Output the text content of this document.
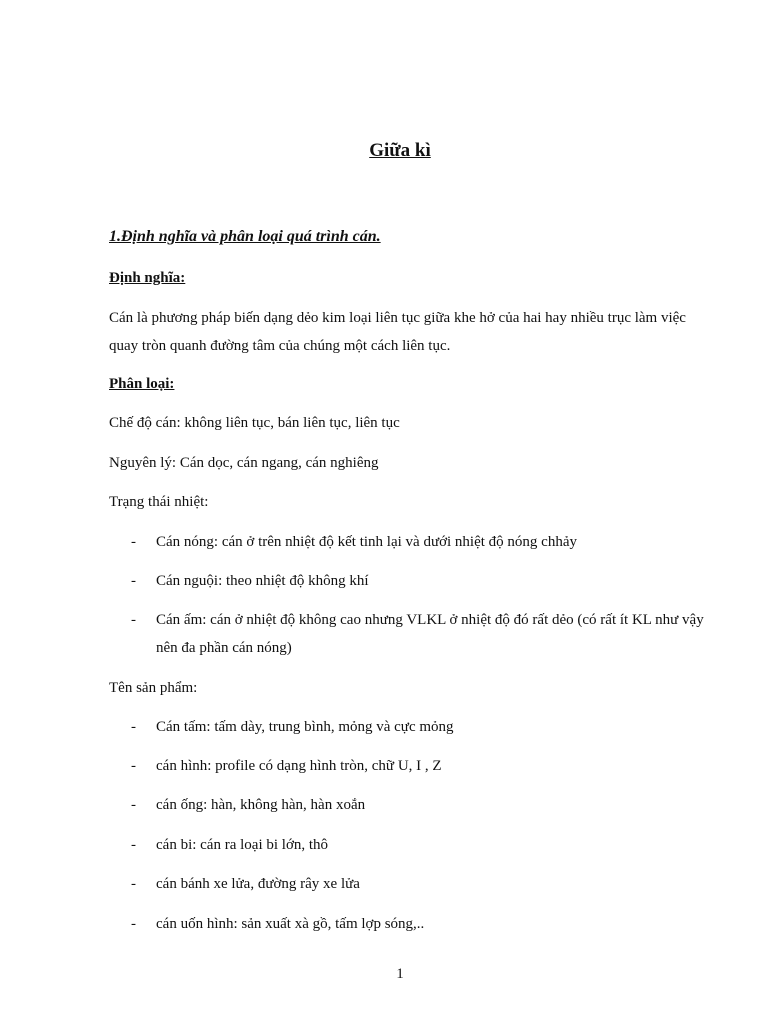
Giữa kì
1.Định nghĩa và phân loại quá trình cán.
Định nghĩa:
Cán là phương pháp biến dạng dẻo kim loại liên tục giữa khe hở của hai hay nhiều trục làm việc quay tròn quanh đường tâm của chúng một cách liên tục.
Phân loại:
Chế độ cán: không liên tục, bán liên tục, liên tục
Nguyên lý: Cán dọc, cán ngang, cán nghiêng
Trạng thái nhiệt:
- Cán nóng: cán ở trên nhiệt độ kết tinh lại và dưới nhiệt độ nóng chhảy
- Cán nguội: theo nhiệt độ không khí
- Cán ấm: cán ở nhiệt độ không cao nhưng VLKL ở nhiệt độ đó rất dẻo (có rất ít KL như vậy nên đa phần cán nóng)
Tên sản phẩm:
- Cán tấm: tấm dày, trung bình, mỏng và cực mỏng
- cán hình: profile có dạng hình tròn, chữ U, I , Z
- cán ống: hàn, không hàn, hàn xoắn
- cán bi: cán ra loại bi lớn, thô
- cán bánh xe lửa, đường rây xe lửa
- cán uốn hình: sản xuất xà gồ, tấm lợp sóng,..
1
